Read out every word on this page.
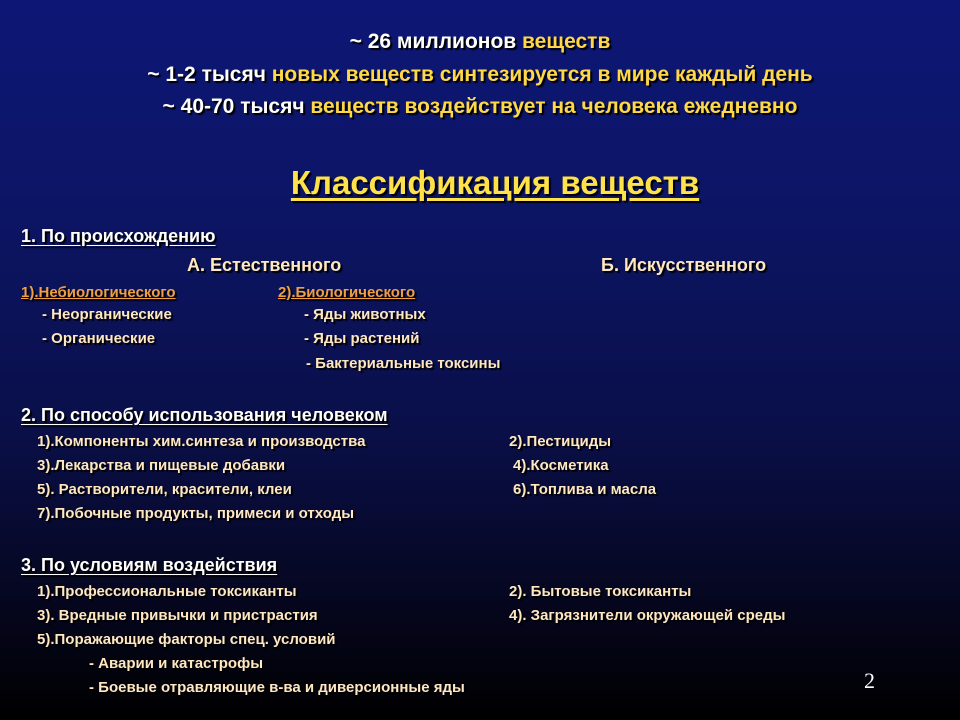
~ 26 миллионов веществ
~ 1-2 тысяч новых веществ синтезируется в мире каждый день
~ 40-70 тысяч веществ воздействует на человека ежедневно
Классификация веществ
1. По происхождению
А. Естественного	Б. Искусственного
1).Небиологического	2).Биологического
- Неорганические	- Яды животных
- Органические	- Яды растений
- Бактериальные токсины
2. По способу использования человеком
1).Компоненты хим.синтеза и производства	2).Пестициды
3).Лекарства и пищевые добавки	4).Косметика
5). Растворители, красители, клеи	6).Топлива и масла
7).Побочные продукты, примеси и отходы
3. По условиям воздействия
1).Профессиональные токсиканты	2). Бытовые токсиканты
3). Вредные привычки и пристрастия	4). Загрязнители окружающей среды
5).Поражающие факторы спец. условий
- Аварии и катастрофы
- Боевые отравляющие в-ва и диверсионные яды	2
